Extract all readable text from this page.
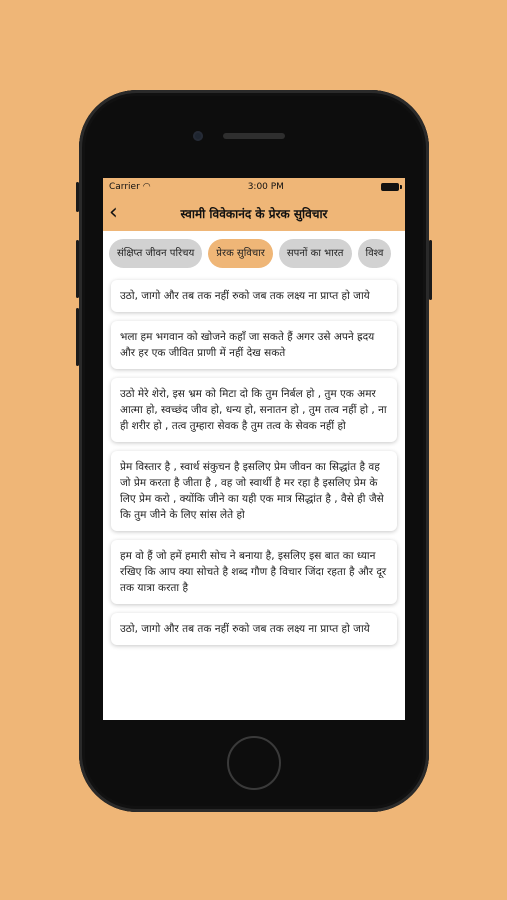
Carrier ◠	3:00 PM
‹	स्वामी विवेकानंद के प्रेरक सुविचार
संक्षिप्त जीवन परिचय	प्रेरक सुविचार	सपनों का भारत	विश्व
उठो, जागो और तब तक नहीं रुको जब तक लक्ष्य ना प्राप्त हो जाये
भला हम भगवान को खोजने कहाँ जा सकते हैं अगर उसे अपने ह्रदय और हर एक जीवित प्राणी में नहीं देख सकते
उठो मेरे शेरो, इस भ्रम को मिटा दो कि तुम निर्बल हो , तुम एक अमर आत्मा हो, स्वच्छंद जीव हो, धन्य हो, सनातन हो , तुम तत्व नहीं हो , ना ही शरीर हो , तत्व तुम्हारा सेवक है तुम तत्व के सेवक नहीं हो
प्रेम विस्तार है , स्वार्थ संकुचन है इसलिए प्रेम जीवन का सिद्धांत है वह जो प्रेम करता है जीता है , वह जो स्वार्थी है मर रहा है इसलिए प्रेम के लिए प्रेम करो , क्योंकि जीने का यही एक मात्र सिद्धांत है , वैसे ही जैसे कि तुम जीने के लिए सांस लेते हो
हम वो हैं जो हमें हमारी सोच ने बनाया है, इसलिए इस बात का ध्यान रखिए कि आप क्या सोचते है शब्द गौण है विचार जिंदा रहता है और दूर तक यात्रा करता है
उठो, जागो और तब तक नहीं रुको जब तक लक्ष्य ना प्राप्त हो जाये
